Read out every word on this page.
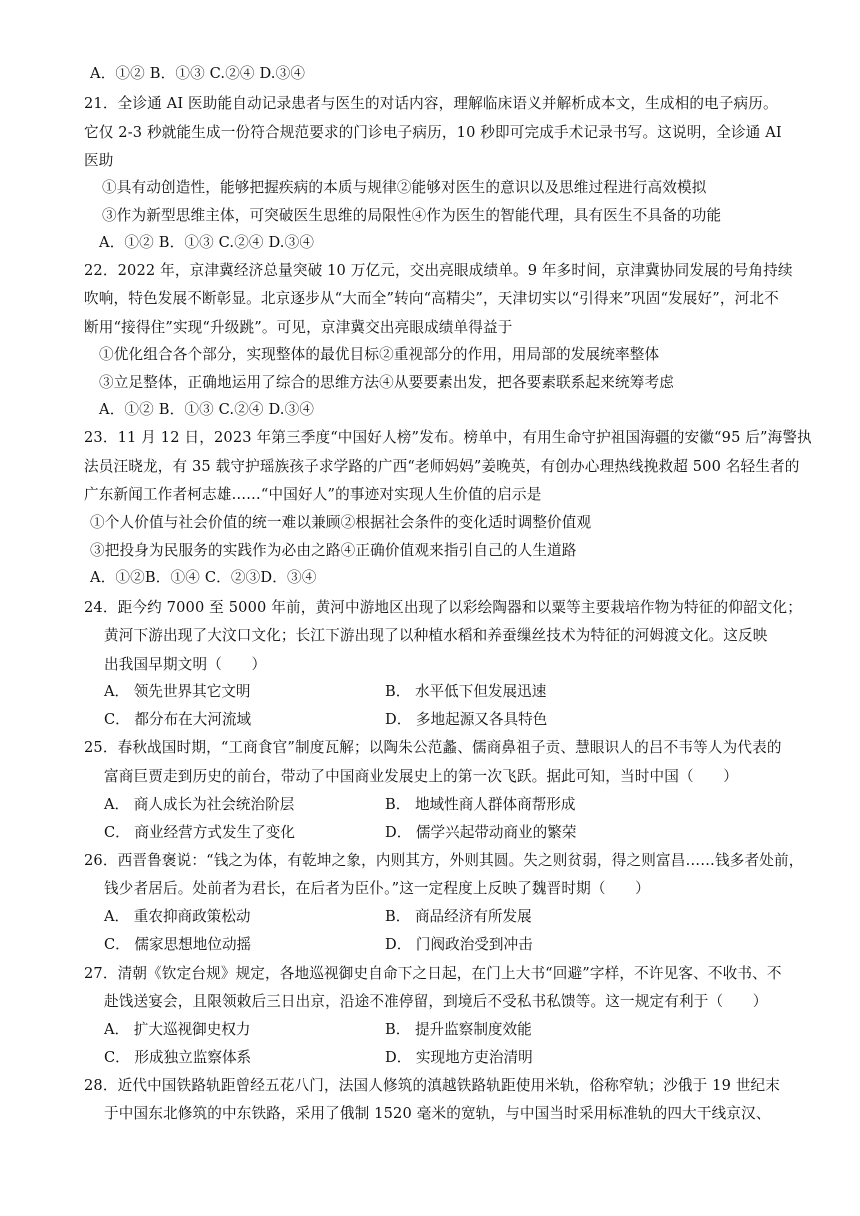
A．①② B．①③ C.②④ D.③④
21．全诊通 AI 医助能自动记录患者与医生的对话内容，理解临床语义并解析成本文，生成相的电子病历。
它仅 2-3 秒就能生成一份符合规范要求的门诊电子病历，10 秒即可完成手术记录书写。这说明，全诊通 AI
医助
①具有动创造性，能够把握疾病的本质与规律②能够对医生的意识以及思维过程进行高效模拟
③作为新型思维主体，可突破医生思维的局限性④作为医生的智能代理，具有医生不具备的功能
A．①② B．①③ C.②④ D.③④
22．2022 年，京津冀经济总量突破 10 万亿元，交出亮眼成绩单。9 年多时间，京津冀协同发展的号角持续
吹响，特色发展不断彰显。北京逐步从“大而全”转向“高精尖”，天津切实以“引得来”巩固“发展好”，河北不
断用“接得住”实现“升级跳”。可见，京津冀交出亮眼成绩单得益于
①优化组合各个部分，实现整体的最优目标②重视部分的作用，用局部的发展统率整体
③立足整体，正确地运用了综合的思维方法④从要要素出发，把各要素联系起来统筹考虑
A．①② B．①③ C.②④ D.③④
23．11 月 12 日，2023 年第三季度“中国好人榜”发布。榜单中，有用生命守护祖国海疆的安徽“95 后”海警执
法员汪晓龙，有 35 载守护瑶族孩子求学路的广西“老师妈妈”姜晚英，有创办心理热线挽救超 500 名轻生者的
广东新闻工作者柯志雄……“中国好人”的事迹对实现人生价值的启示是
①个人价值与社会价值的统一难以兼顾②根据社会条件的变化适时调整价值观
③把投身为民服务的实践作为必由之路④正确价值观来指引自己的人生道路
A．①②B．①④ C．②③D．③④
24．距今约 7000 至 5000 年前，黄河中游地区出现了以彩绘陶器和以粟等主要栽培作物为特征的仰韶文化；
黄河下游出现了大汶口文化；长江下游出现了以种植水稻和养蚕缫丝技术为特征的河姆渡文化。这反映
出我国早期文明（　　）
A． 领先世界其它文明	B． 水平低下但发展迅速
C． 都分布在大河流域	D． 多地起源又各具特色
25．春秋战国时期，“工商食官”制度瓦解；以陶朱公范蠡、儒商鼻祖子贡、慧眼识人的吕不韦等人为代表的
富商巨贾走到历史的前台，带动了中国商业发展史上的第一次飞跃。据此可知，当时中国（　　）
A． 商人成长为社会统治阶层	B． 地域性商人群体商帮形成
C． 商业经营方式发生了变化	D． 儒学兴起带动商业的繁荣
26．西晋鲁褒说：“钱之为体，有乾坤之象，内则其方，外则其圆。失之则贫弱，得之则富昌……钱多者处前，
钱少者居后。处前者为君长，在后者为臣仆。”这一定程度上反映了魏晋时期（　　）
A． 重农抑商政策松动	B． 商品经济有所发展
C． 儒家思想地位动摇	D． 门阀政治受到冲击
27．清朝《钦定台规》规定，各地巡视御史自命下之日起，在门上大书“回避”字样，不许见客、不收书、不
赴饯送宴会，且限领敕后三日出京，沿途不准停留，到境后不受私书私馈等。这一规定有利于（　　）
A． 扩大巡视御史权力	B． 提升监察制度效能
C． 形成独立监察体系	D． 实现地方吏治清明
28．近代中国铁路轨距曾经五花八门，法国人修筑的滇越铁路轨距使用米轨，俗称窄轨；沙俄于 19 世纪末
于中国东北修筑的中东铁路，采用了俄制 1520 毫米的宽轨，与中国当时采用标准轨的四大干线京汉、
